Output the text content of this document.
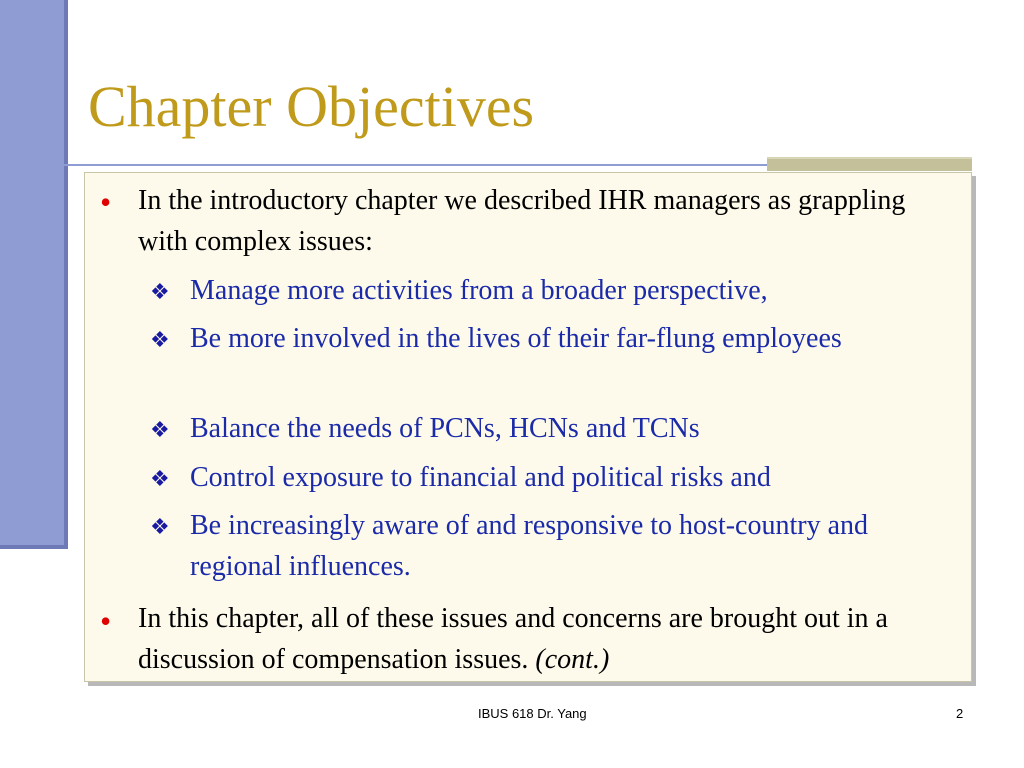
Chapter Objectives
• In the introductory chapter we described IHR managers as grappling with complex issues:
❖ Manage more activities from a broader perspective,
❖ Be more involved in the lives of their far-flung employees
❖ Balance the needs of PCNs, HCNs and TCNs
❖ Control exposure to financial and political risks and
❖ Be increasingly aware of and responsive to host-country and regional influences.
• In this chapter, all of these issues and concerns are brought out in a discussion of compensation issues. (cont.)
IBUS 618 Dr. Yang	2
